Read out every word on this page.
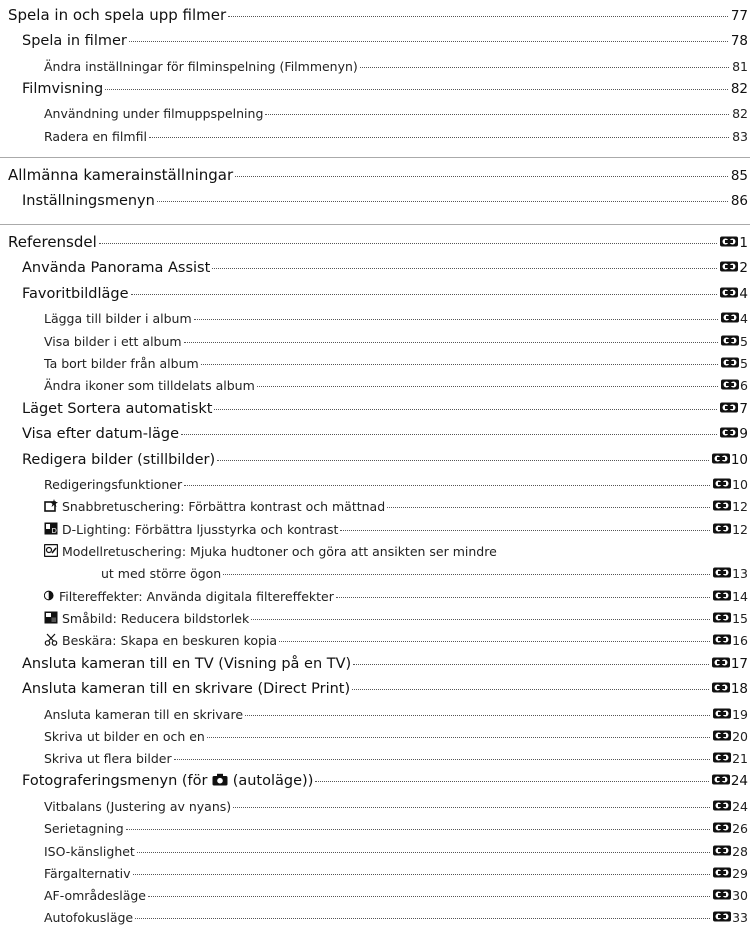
Spela in och spela upp filmer	77
Spela in filmer	78
Ändra inställningar för filminspelning (Filmmenyn)	81
Filmvisning	82
Användning under filmuppspelning	82
Radera en filmfil	83
Allmänna kamerainställningar	85
Inställningsmenyn	86
Referensdel	1
Använda Panorama Assist	2
Favoritbildläge	4
Lägga till bilder i album	4
Visa bilder i ett album	5
Ta bort bilder från album	5
Ändra ikoner som tilldelats album	6
Läget Sortera automatiskt	7
Visa efter datum-läge	9
Redigera bilder (stillbilder)	10
Redigeringsfunktioner	10
Snabbretuschering: Förbättra kontrast och mättnad	12
D D-Lighting: Förbättra ljusstyrka och kontrast	12
Modellretuschering: Mjuka hudtoner och göra att ansikten ser mindre
ut med större ögon	13
Filtereffekter: Använda digitala filtereffekter	14
Småbild: Reducera bildstorlek	15
Beskära: Skapa en beskuren kopia	16
Ansluta kameran till en TV (Visning på en TV)	17
Ansluta kameran till en skrivare (Direct Print)	18
Ansluta kameran till en skrivare	19
Skriva ut bilder en och en	20
Skriva ut flera bilder	21
Fotograferingsmenyn (för  (autoläge))	24
Vitbalans (Justering av nyans)	24
Serietagning	26
ISO-känslighet	28
Färgalternativ	29
AF-områdesläge	30
Autofokusläge	33
